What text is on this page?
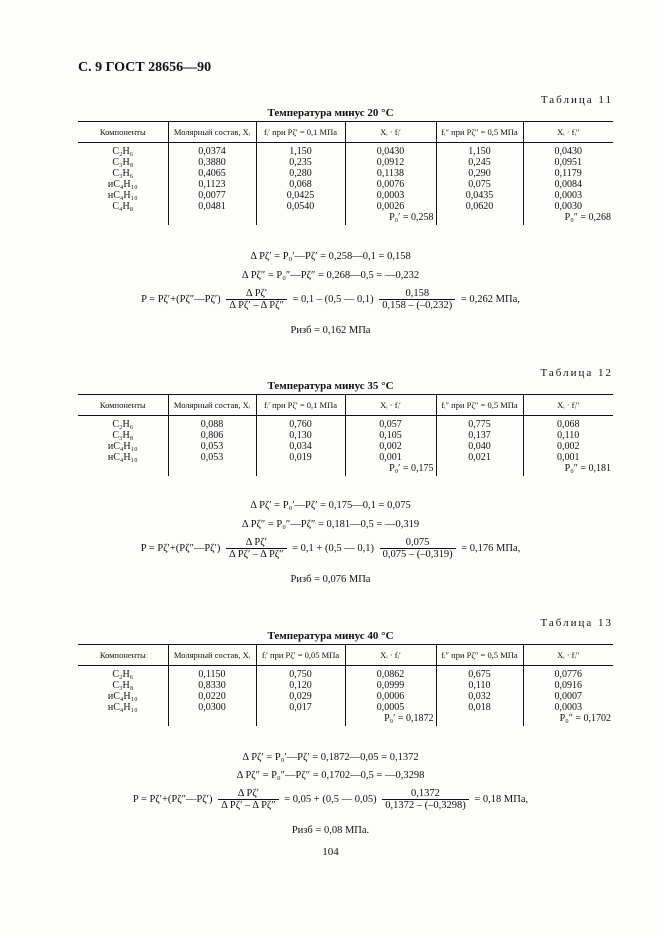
С. 9 ГОСТ 28656—90
Таблица 11
Температура минус 20 °С
Компоненты	Молярный состав, Xᵢ	fᵢ′ при Pζ′ = 0,1 МПа	Xᵢ · fᵢ′	fᵢ″ при Pζ″ = 0,5 МПа	Xᵢ · fᵢ″
C₂H₆	0,0374	1,150	0,0430	1,150	0,0430
C₃H₈	0,3880	0,235	0,0912	0,245	0,0951
C₃H₆	0,4065	0,280	0,1138	0,290	0,1179
иC₄H₁₀	0,1123	0,068	0,0076	0,075	0,0084
нC₄H₁₀	0,0077	0,0425	0,0003	0,0435	0,0003
C₄H₈	0,0481	0,0540	0,0026	0,0620	0,0030
			P₀′ = 0,258		P₀″ = 0,268
Δ Pζ′ = P₀′—Pζ′ = 0,258—0,1 = 0,158
Δ Pζ″ = P₀″—Pζ″ = 0,268—0,5 = —0,232
P = Pζ′+(Pζ″—Pζ′) $\frac{\text{Δ Pζ′}}{\text{Δ Pζ′ – Δ Pζ″}} = 0,1 - (0,5$ — $0,1) \frac{0,158}{0,158 - (-0,232)} = 0,262$ МПа,
Pизб = 0,162 МПа
Таблица 12
Температура минус 35 °С
Компоненты	Молярный состав, Xᵢ	fᵢ′ при Pζ′ = 0,1 МПа	Xᵢ · fᵢ′	fᵢ″ при Pζ″ = 0,5 МПа	Xᵢ · fᵢ″
C₂H₆	0,088	0,760	0,057	0,775	0,068
C₃H₈	0,806	0,130	0,105	0,137	0,110
иC₄H₁₀	0,053	0,034	0,002	0,040	0,002
нC₄H₁₀	0,053	0,019	0,001	0,021	0,001
			P₀′ = 0,175		P₀″ = 0,181
Δ Pζ′ = P₀′—Pζ′ = 0,175—0,1 = 0,075
Δ Pζ″ = P₀″—Pζ″ = 0,181—0,5 = —0,319
P = Pζ′+(Pζ″—Pζ′) $\frac{\text{Δ Pζ′}}{\text{Δ Pζ′ – Δ Pζ″}} = 0,1 + (0,5$ — $0,1) \frac{0,075}{0,075 - (-0,319)} = 0,176$ МПа,
Pизб = 0,076 МПа
Таблица 13
Температура минус 40 °С
Компоненты	Молярный состав, Xᵢ	fᵢ′ при Pζ′ = 0,05 МПа	Xᵢ · fᵢ′	fᵢ″ при Pζ″ = 0,5 МПа	Xᵢ · fᵢ″
C₂H₆	0,1150	0,750	0,0862	0,675	0,0776
C₃H₈	0,8330	0,120	0,0999	0,110	0,0916
иC₄H₁₀	0,0220	0,029	0,0006	0,032	0,0007
нC₄H₁₀	0,0300	0,017	0,0005	0,018	0,0003
			P₀′ = 0,1872		P₀″ = 0,1702
Δ Pζ′ = P₀′—Pζ′ = 0,1872—0,05 = 0,1372
Δ Pζ″ = P₀″—Pζ″ = 0,1702—0,5 = —0,3298
P = Pζ′+(Pζ″—Pζ′) $\frac{\text{Δ Pζ′}}{\text{Δ Pζ′ – Δ Pζ″}} = 0,05 + (0,5$ — $0,05) \frac{0,1372}{0,1372 - (-0,3298)} = 0,18$ МПа,
Pизб = 0,08 МПа.
104
